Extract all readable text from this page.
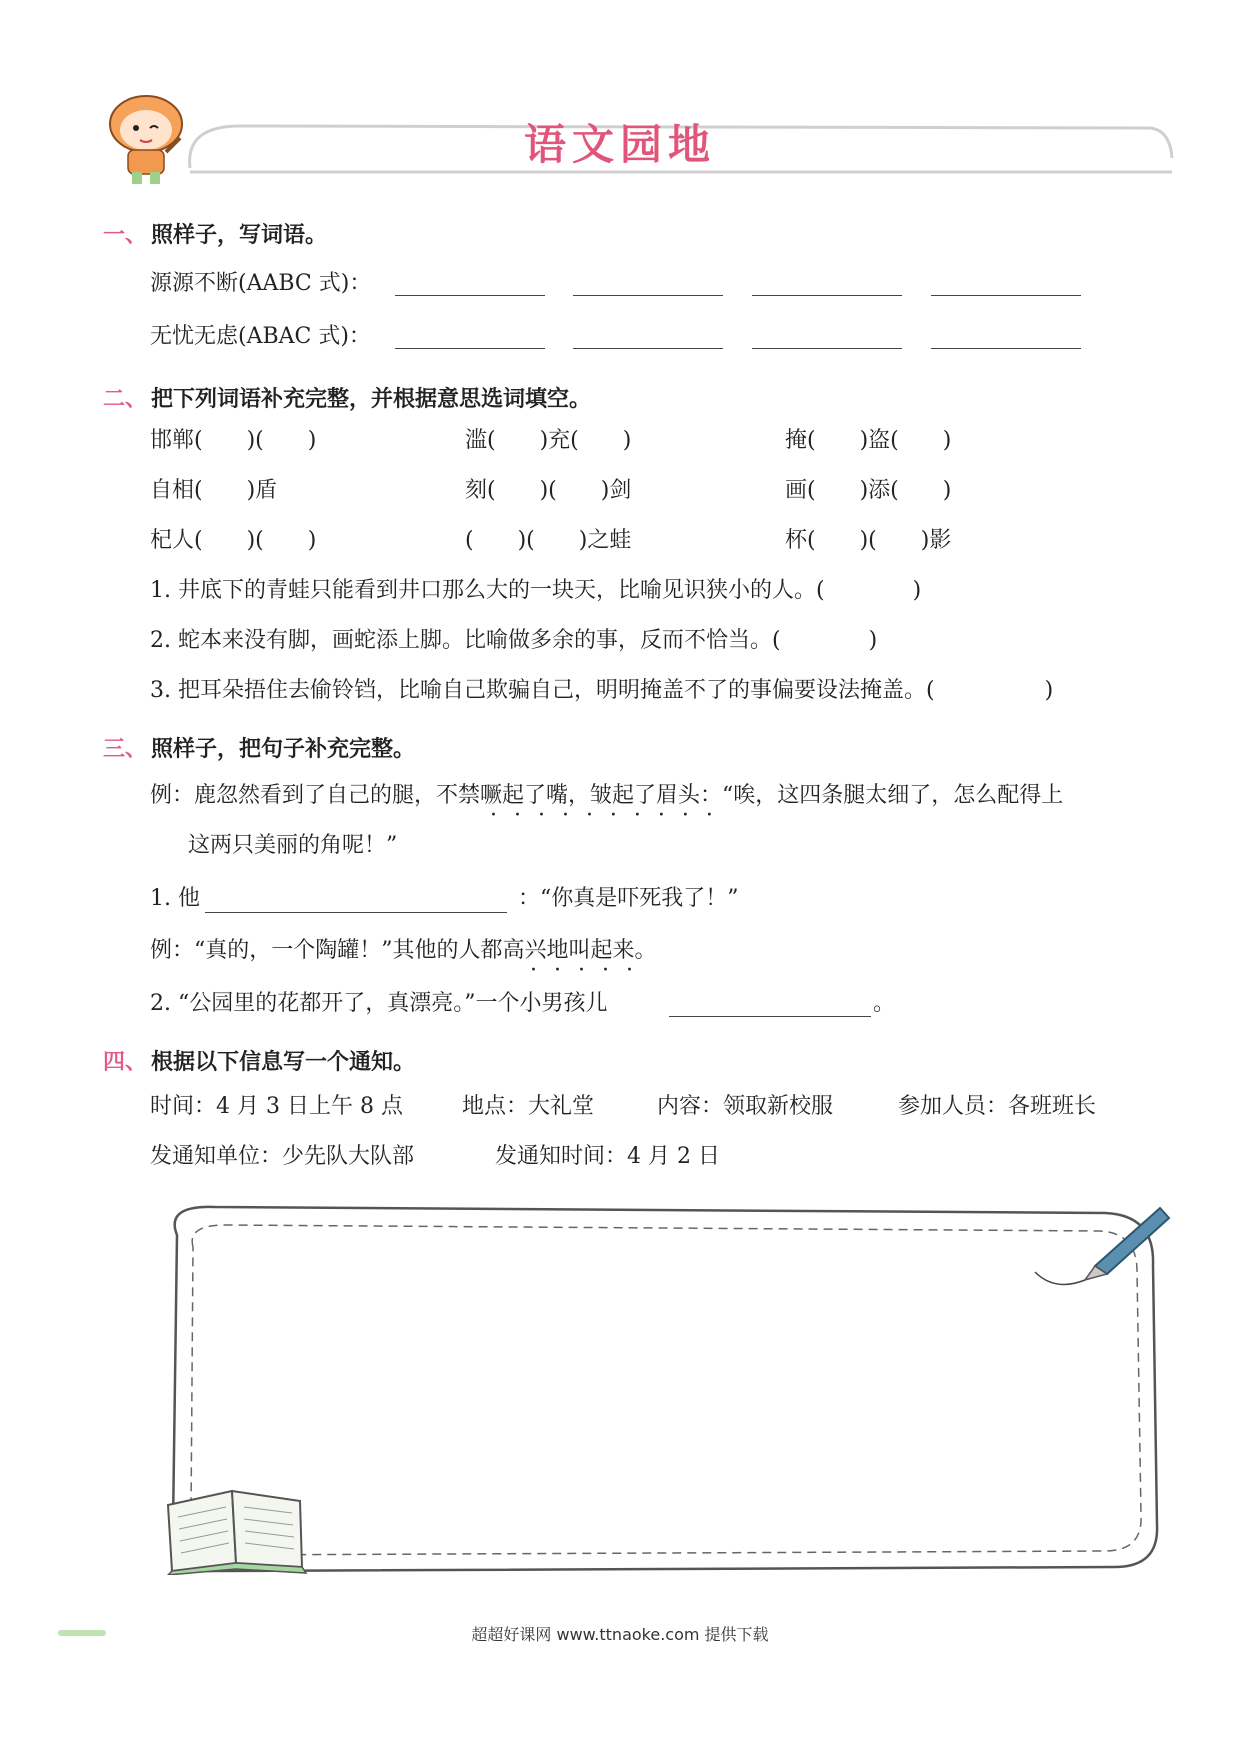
语文园地
一、 照样子，写词语。
源源不断(AABC 式)：
无忧无虑(ABAC 式)：
二、 把下列词语补充完整，并根据意思选词填空。
邯郸(　　)(　　)	滥(　　)充(　　)	掩(　　)盗(　　)
自相(　　)盾	刻(　　)(　　)剑	画(　　)添(　　)
杞人(　　)(　　)	(　　)(　　)之蛙	杯(　　)(　　)影
1. 井底下的青蛙只能看到井口那么大的一块天，比喻见识狭小的人。(　　　　)
2. 蛇本来没有脚，画蛇添上脚。比喻做多余的事，反而不恰当。(　　　　)
3. 把耳朵捂住去偷铃铛，比喻自己欺骗自己，明明掩盖不了的事偏要设法掩盖。(　　　　　)
三、 照样子，把句子补充完整。
例：鹿忽然看到了自己的腿，不禁噘起了嘴，皱起了眉头：“唉，这四条腿太细了，怎么配得上
· · · · · · · · · ·
这两只美丽的角呢！”
1. 他	：“你真是吓死我了！”
例：“真的，一个陶罐！”其他的人都高兴地叫起来。
· · · · ·
2. “公园里的花都开了，真漂亮。”一个小男孩儿	。
四、 根据以下信息写一个通知。
时间：4 月 3 日上午 8 点	地点：大礼堂	内容：领取新校服	参加人员：各班班长
发通知单位：少先队大队部	发通知时间：4 月 2 日
超超好课网 www.ttnaoke.com 提供下载
